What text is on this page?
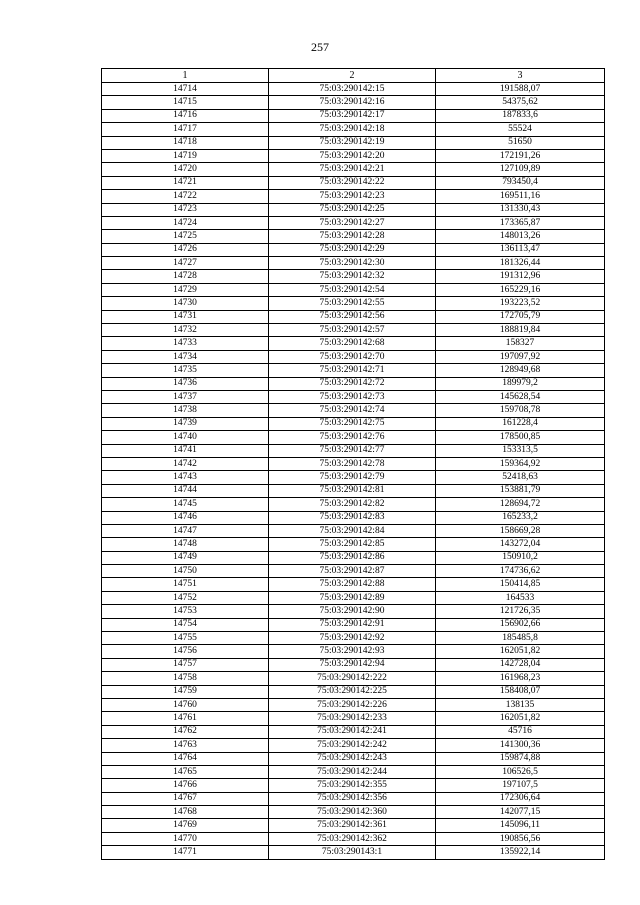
257
1	2	3
14714	75:03:290142:15	191588,07
14715	75:03:290142:16	54375,62
14716	75:03:290142:17	187833,6
14717	75:03:290142:18	55524
14718	75:03:290142:19	51650
14719	75:03:290142:20	172191,26
14720	75:03:290142:21	127109,89
14721	75:03:290142:22	793450,4
14722	75:03:290142:23	169511,16
14723	75:03:290142:25	131330,43
14724	75:03:290142:27	173365,87
14725	75:03:290142:28	148013,26
14726	75:03:290142:29	136113,47
14727	75:03:290142:30	181326,44
14728	75:03:290142:32	191312,96
14729	75:03:290142:54	165229,16
14730	75:03:290142:55	193223,52
14731	75:03:290142:56	172705,79
14732	75:03:290142:57	188819,84
14733	75:03:290142:68	158327
14734	75:03:290142:70	197097,92
14735	75:03:290142:71	128949,68
14736	75:03:290142:72	189979,2
14737	75:03:290142:73	145628,54
14738	75:03:290142:74	159708,78
14739	75:03:290142:75	161228,4
14740	75:03:290142:76	178500,85
14741	75:03:290142:77	153313,5
14742	75:03:290142:78	159364,92
14743	75:03:290142:79	52418,63
14744	75:03:290142:81	153881,79
14745	75:03:290142:82	128694,72
14746	75:03:290142:83	165233,2
14747	75:03:290142:84	158669,28
14748	75:03:290142:85	143272,04
14749	75:03:290142:86	150910,2
14750	75:03:290142:87	174736,62
14751	75:03:290142:88	150414,85
14752	75:03:290142:89	164533
14753	75:03:290142:90	121726,35
14754	75:03:290142:91	156902,66
14755	75:03:290142:92	185485,8
14756	75:03:290142:93	162051,82
14757	75:03:290142:94	142728,04
14758	75:03:290142:222	161968,23
14759	75:03:290142:225	158408,07
14760	75:03:290142:226	138135
14761	75:03:290142:233	162051,82
14762	75:03:290142:241	45716
14763	75:03:290142:242	141300,36
14764	75:03:290142:243	159874,88
14765	75:03:290142:244	106526,5
14766	75:03:290142:355	197107,5
14767	75:03:290142:356	172306,64
14768	75:03:290142:360	142077,15
14769	75:03:290142:361	145096,11
14770	75:03:290142:362	190856,56
14771	75:03:290143:1	135922,14
